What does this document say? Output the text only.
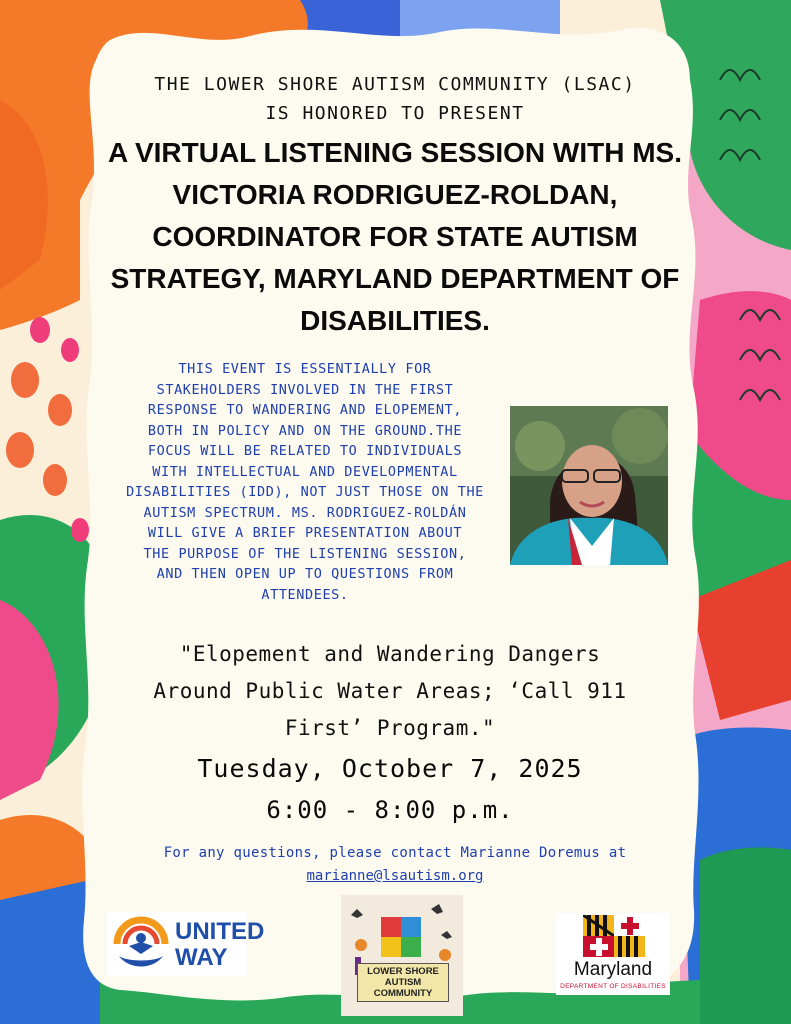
THE LOWER SHORE AUTISM COMMUNITY (LSAC)
IS HONORED TO PRESENT
A VIRTUAL LISTENING SESSION WITH MS.
VICTORIA RODRIGUEZ-ROLDAN,
COORDINATOR FOR STATE AUTISM
STRATEGY, MARYLAND DEPARTMENT OF
DISABILITIES.
THIS EVENT IS ESSENTIALLY FOR
STAKEHOLDERS INVOLVED IN THE FIRST
RESPONSE TO WANDERING AND ELOPEMENT,
BOTH IN POLICY AND ON THE GROUND.THE
FOCUS WILL BE RELATED TO INDIVIDUALS
WITH INTELLECTUAL AND DEVELOPMENTAL
DISABILITIES (IDD), NOT JUST THOSE ON THE
AUTISM SPECTRUM. MS. RODRIGUEZ-ROLDÁN
WILL GIVE A BRIEF PRESENTATION ABOUT
THE PURPOSE OF THE LISTENING SESSION,
AND THEN OPEN UP TO QUESTIONS FROM
ATTENDEES.
"Elopement and Wandering Dangers
Around Public Water Areas; ‘Call 911
First’ Program."
Tuesday, October 7, 2025
6:00 - 8:00 p.m.
For any questions, please contact Marianne Doremus at
marianne@lsautism.org
UNITED
WAY
LOWER SHORE
AUTISM
COMMUNITY
Maryland
DEPARTMENT OF DISABILITIES
